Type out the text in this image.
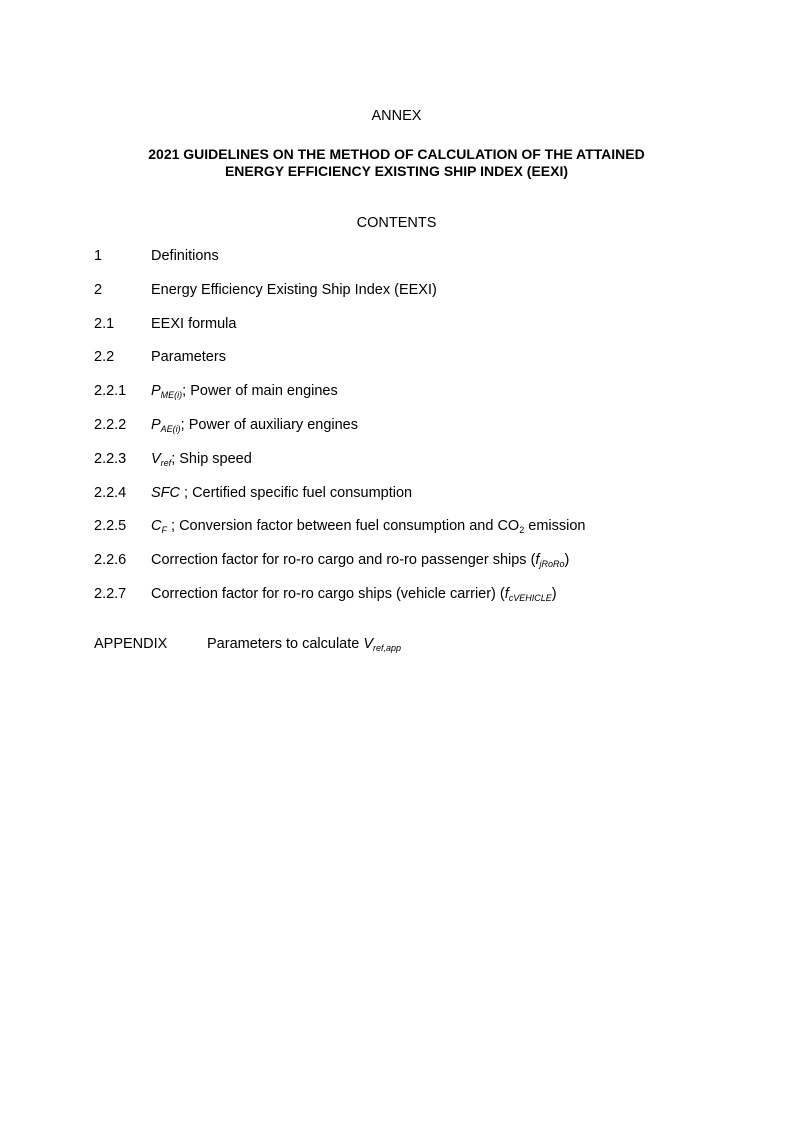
ANNEX
2021 GUIDELINES ON THE METHOD OF CALCULATION OF THE ATTAINED
ENERGY EFFICIENCY EXISTING SHIP INDEX (EEXI)
CONTENTS
1	Definitions
2	Energy Efficiency Existing Ship Index (EEXI)
2.1	EEXI formula
2.2	Parameters
2.2.1 $P_{ME(i)}$; Power of main engines
2.2.2 $P_{AE(i)}$; Power of auxiliary engines
2.2.3 $V_{ref}$; Ship speed
2.2.4 SFC ; Certified specific fuel consumption
2.2.5 $C_F$ ; Conversion factor between fuel consumption and $CO_2$ emission
2.2.6 Correction factor for ro-ro cargo and ro-ro passenger ships $(f_{jRoRo})$
2.2.7 Correction factor for ro-ro cargo ships (vehicle carrier) $(f_{cVEHICLE})$
APPENDIX	Parameters to calculate $V_{ref,app}$
